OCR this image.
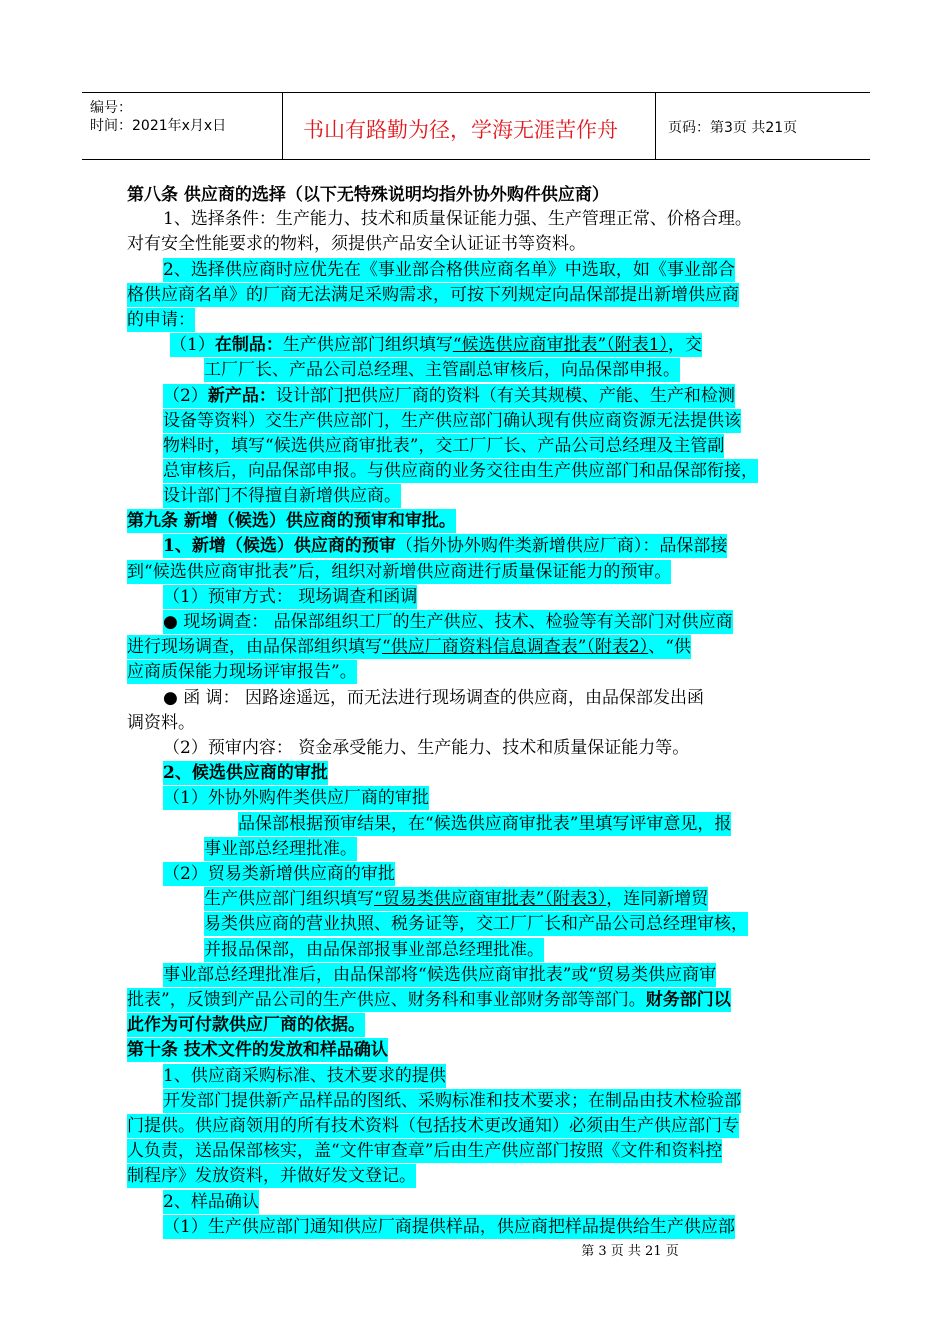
编号：
时间：2021年x月x日	书山有路勤为径，学海无涯苦作舟	页码：第3页 共21页
第八条 供应商的选择（以下无特殊说明均指外协外购件供应商）
1、选择条件：生产能力、技术和质量保证能力强、生产管理正常、价格合理。
对有安全性能要求的物料，须提供产品安全认证证书等资料。
2、选择供应商时应优先在《事业部合格供应商名单》中选取，如《事业部合
格供应商名单》的厂商无法满足采购需求，可按下列规定向品保部提出新增供应商
的申请：
（1）在制品：生产供应部门组织填写“候选供应商审批表”（附表1），交
工厂厂长、产品公司总经理、主管副总审核后，向品保部申报。
（2）新产品：设计部门把供应厂商的资料（有关其规模、产能、生产和检测
设备等资料）交生产供应部门，生产供应部门确认现有供应商资源无法提供该
物料时，填写“候选供应商审批表”，交工厂厂长、产品公司总经理及主管副
总审核后，向品保部申报。与供应商的业务交往由生产供应部门和品保部衔接，
设计部门不得擅自新增供应商。
第九条 新增（候选）供应商的预审和审批。
1、新增（候选）供应商的预审（指外协外购件类新增供应厂商）：品保部接
到“候选供应商审批表”后，组织对新增供应商进行质量保证能力的预审。
（1）预审方式： 现场调查和函调
● 现场调查： 品保部组织工厂的生产供应、技术、检验等有关部门对供应商
进行现场调查，由品保部组织填写“供应厂商资料信息调查表”（附表2）、“供
应商质保能力现场评审报告”。
● 函 调： 因路途遥远，而无法进行现场调查的供应商，由品保部发出函
调资料。
（2）预审内容： 资金承受能力、生产能力、技术和质量保证能力等。
2、候选供应商的审批
（1）外协外购件类供应厂商的审批
品保部根据预审结果，在“候选供应商审批表”里填写评审意见，报
事业部总经理批准。
（2）贸易类新增供应商的审批
生产供应部门组织填写“贸易类供应商审批表”（附表3），连同新增贸
易类供应商的营业执照、税务证等，交工厂厂长和产品公司总经理审核，
并报品保部，由品保部报事业部总经理批准。
事业部总经理批准后，由品保部将“候选供应商审批表”或“贸易类供应商审
批表”，反馈到产品公司的生产供应、财务科和事业部财务部等部门。财务部门以
此作为可付款供应厂商的依据。
第十条 技术文件的发放和样品确认
1、供应商采购标准、技术要求的提供
开发部门提供新产品样品的图纸、采购标准和技术要求；在制品由技术检验部
门提供。供应商领用的所有技术资料（包括技术更改通知）必须由生产供应部门专
人负责，送品保部核实，盖“文件审查章”后由生产供应部门按照《文件和资料控
制程序》发放资料，并做好发文登记。
2、样品确认
（1）生产供应部门通知供应厂商提供样品，供应商把样品提供给生产供应部
第 3 页 共 21 页
